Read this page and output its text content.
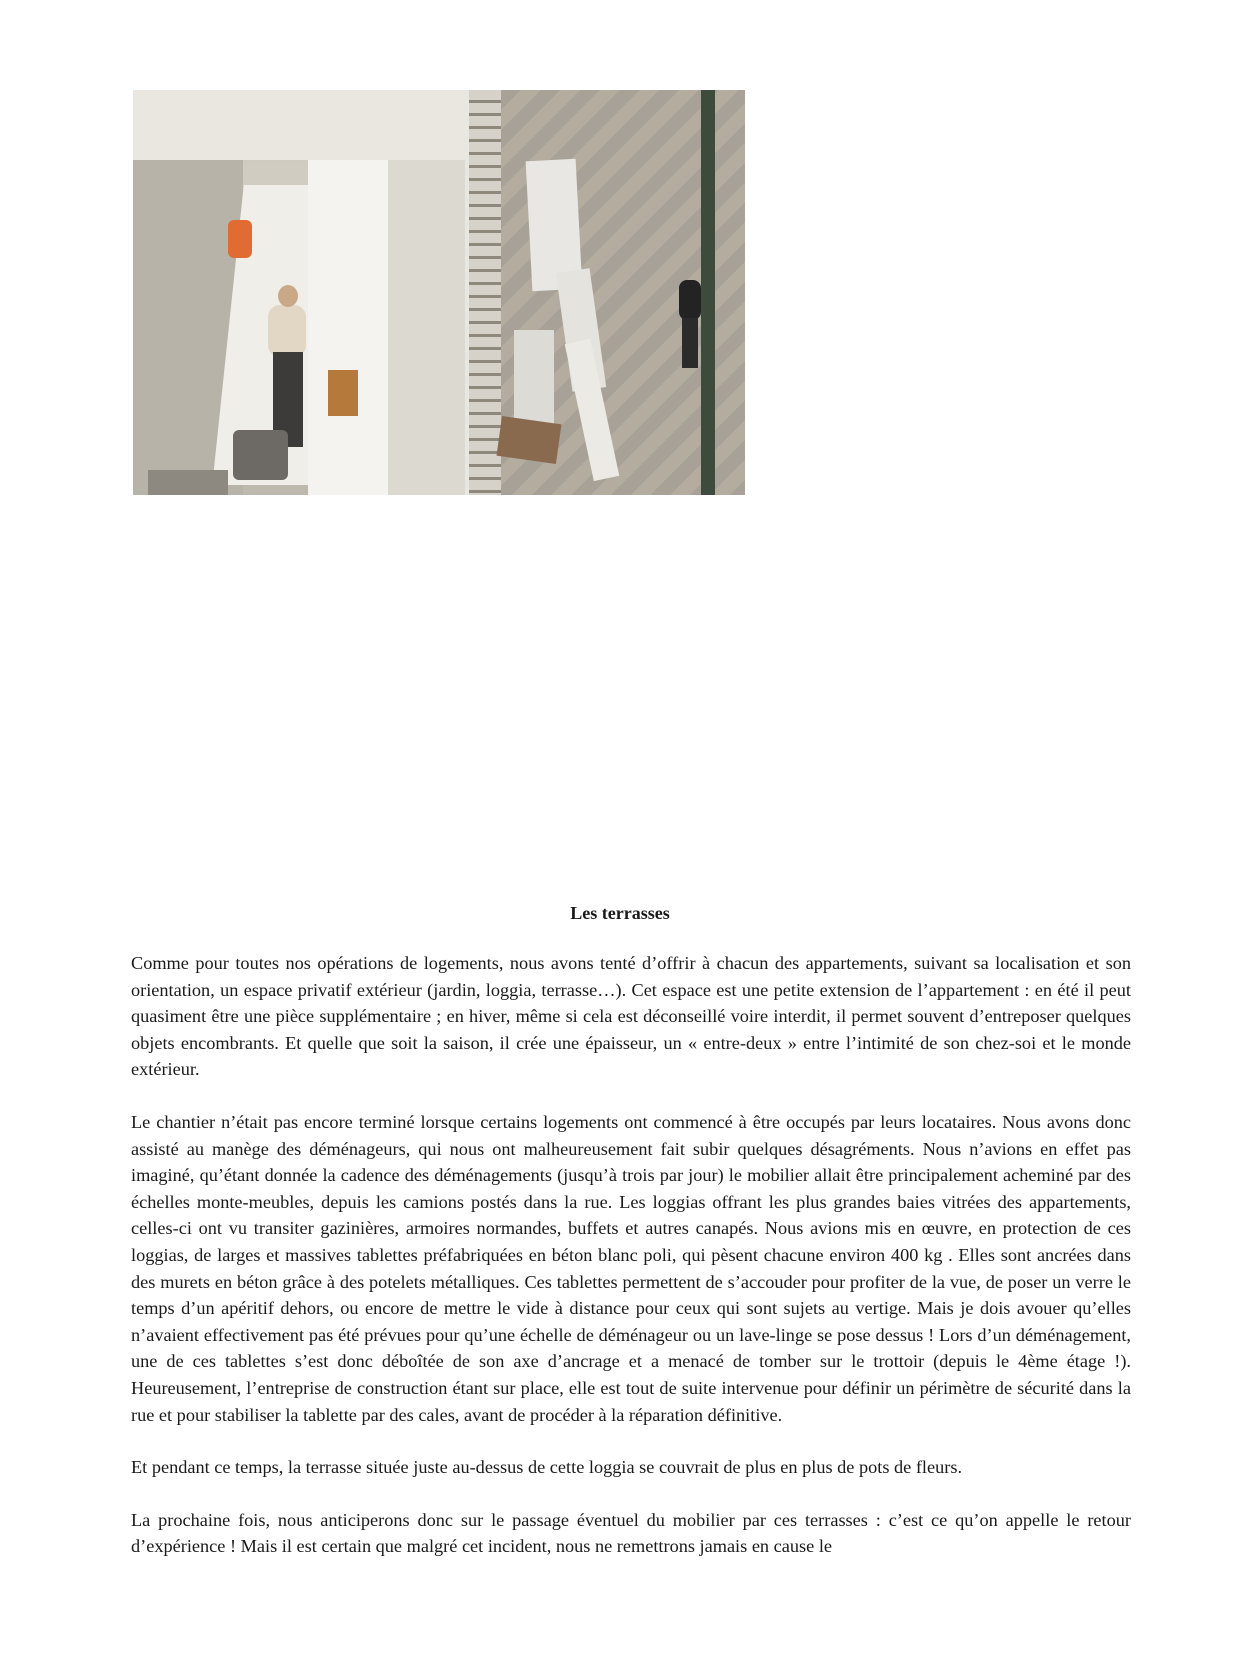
Les terrasses

Comme pour toutes nos opérations de logements, nous avons tenté d’offrir à chacun des appartements, suivant sa localisation et son orientation, un espace privatif extérieur (jardin, loggia, terrasse…). Cet espace est une petite extension de l’appartement : en été il peut quasiment être une pièce supplémentaire ; en hiver, même si cela est déconseillé voire interdit, il permet souvent d’entreposer quelques objets encombrants. Et quelle que soit la saison, il crée une épaisseur, un « entre-deux » entre l’intimité de son chez-soi et le monde extérieur.

Le chantier n’était pas encore terminé lorsque certains logements ont commencé à être occupés par leurs locataires. Nous avons donc assisté au manège des déménageurs, qui nous ont malheureusement fait subir quelques désagréments. Nous n’avions en effet pas imaginé, qu’étant donnée la cadence des déménagements (jusqu’à trois par jour) le mobilier allait être principalement acheminé par des échelles monte-meubles, depuis les camions postés dans la rue. Les loggias offrant les plus grandes baies vitrées des appartements, celles-ci ont vu transiter gazinières, armoires normandes, buffets et autres canapés. Nous avions mis en œuvre, en protection de ces loggias, de larges et massives tablettes préfabriquées en béton blanc poli, qui pèsent chacune environ 400 kg . Elles sont ancrées dans des murets en béton grâce à des potelets métalliques. Ces tablettes permettent de s’accouder pour profiter de la vue, de poser un verre le temps d’un apéritif dehors, ou encore de mettre le vide à distance pour ceux qui sont sujets au vertige. Mais je dois avouer qu’elles n’avaient effectivement pas été prévues pour qu’une échelle de déménageur ou un lave-linge se pose dessus ! Lors d’un déménagement, une de ces tablettes s’est donc déboîtée de son axe d’ancrage et a menacé de tomber sur le trottoir (depuis le 4ème étage !). Heureusement, l’entreprise de construction étant sur place, elle est tout de suite intervenue pour définir un périmètre de sécurité dans la rue et pour stabiliser la tablette par des cales, avant de procéder à la réparation définitive.

Et pendant ce temps, la terrasse située juste au-dessus de cette loggia se couvrait de plus en plus de pots de fleurs.

La prochaine fois, nous anticiperons donc sur le passage éventuel du mobilier par ces terrasses : c’est ce qu’on appelle le retour d’expérience ! Mais il est certain que malgré cet incident, nous ne remettrons jamais en cause le
